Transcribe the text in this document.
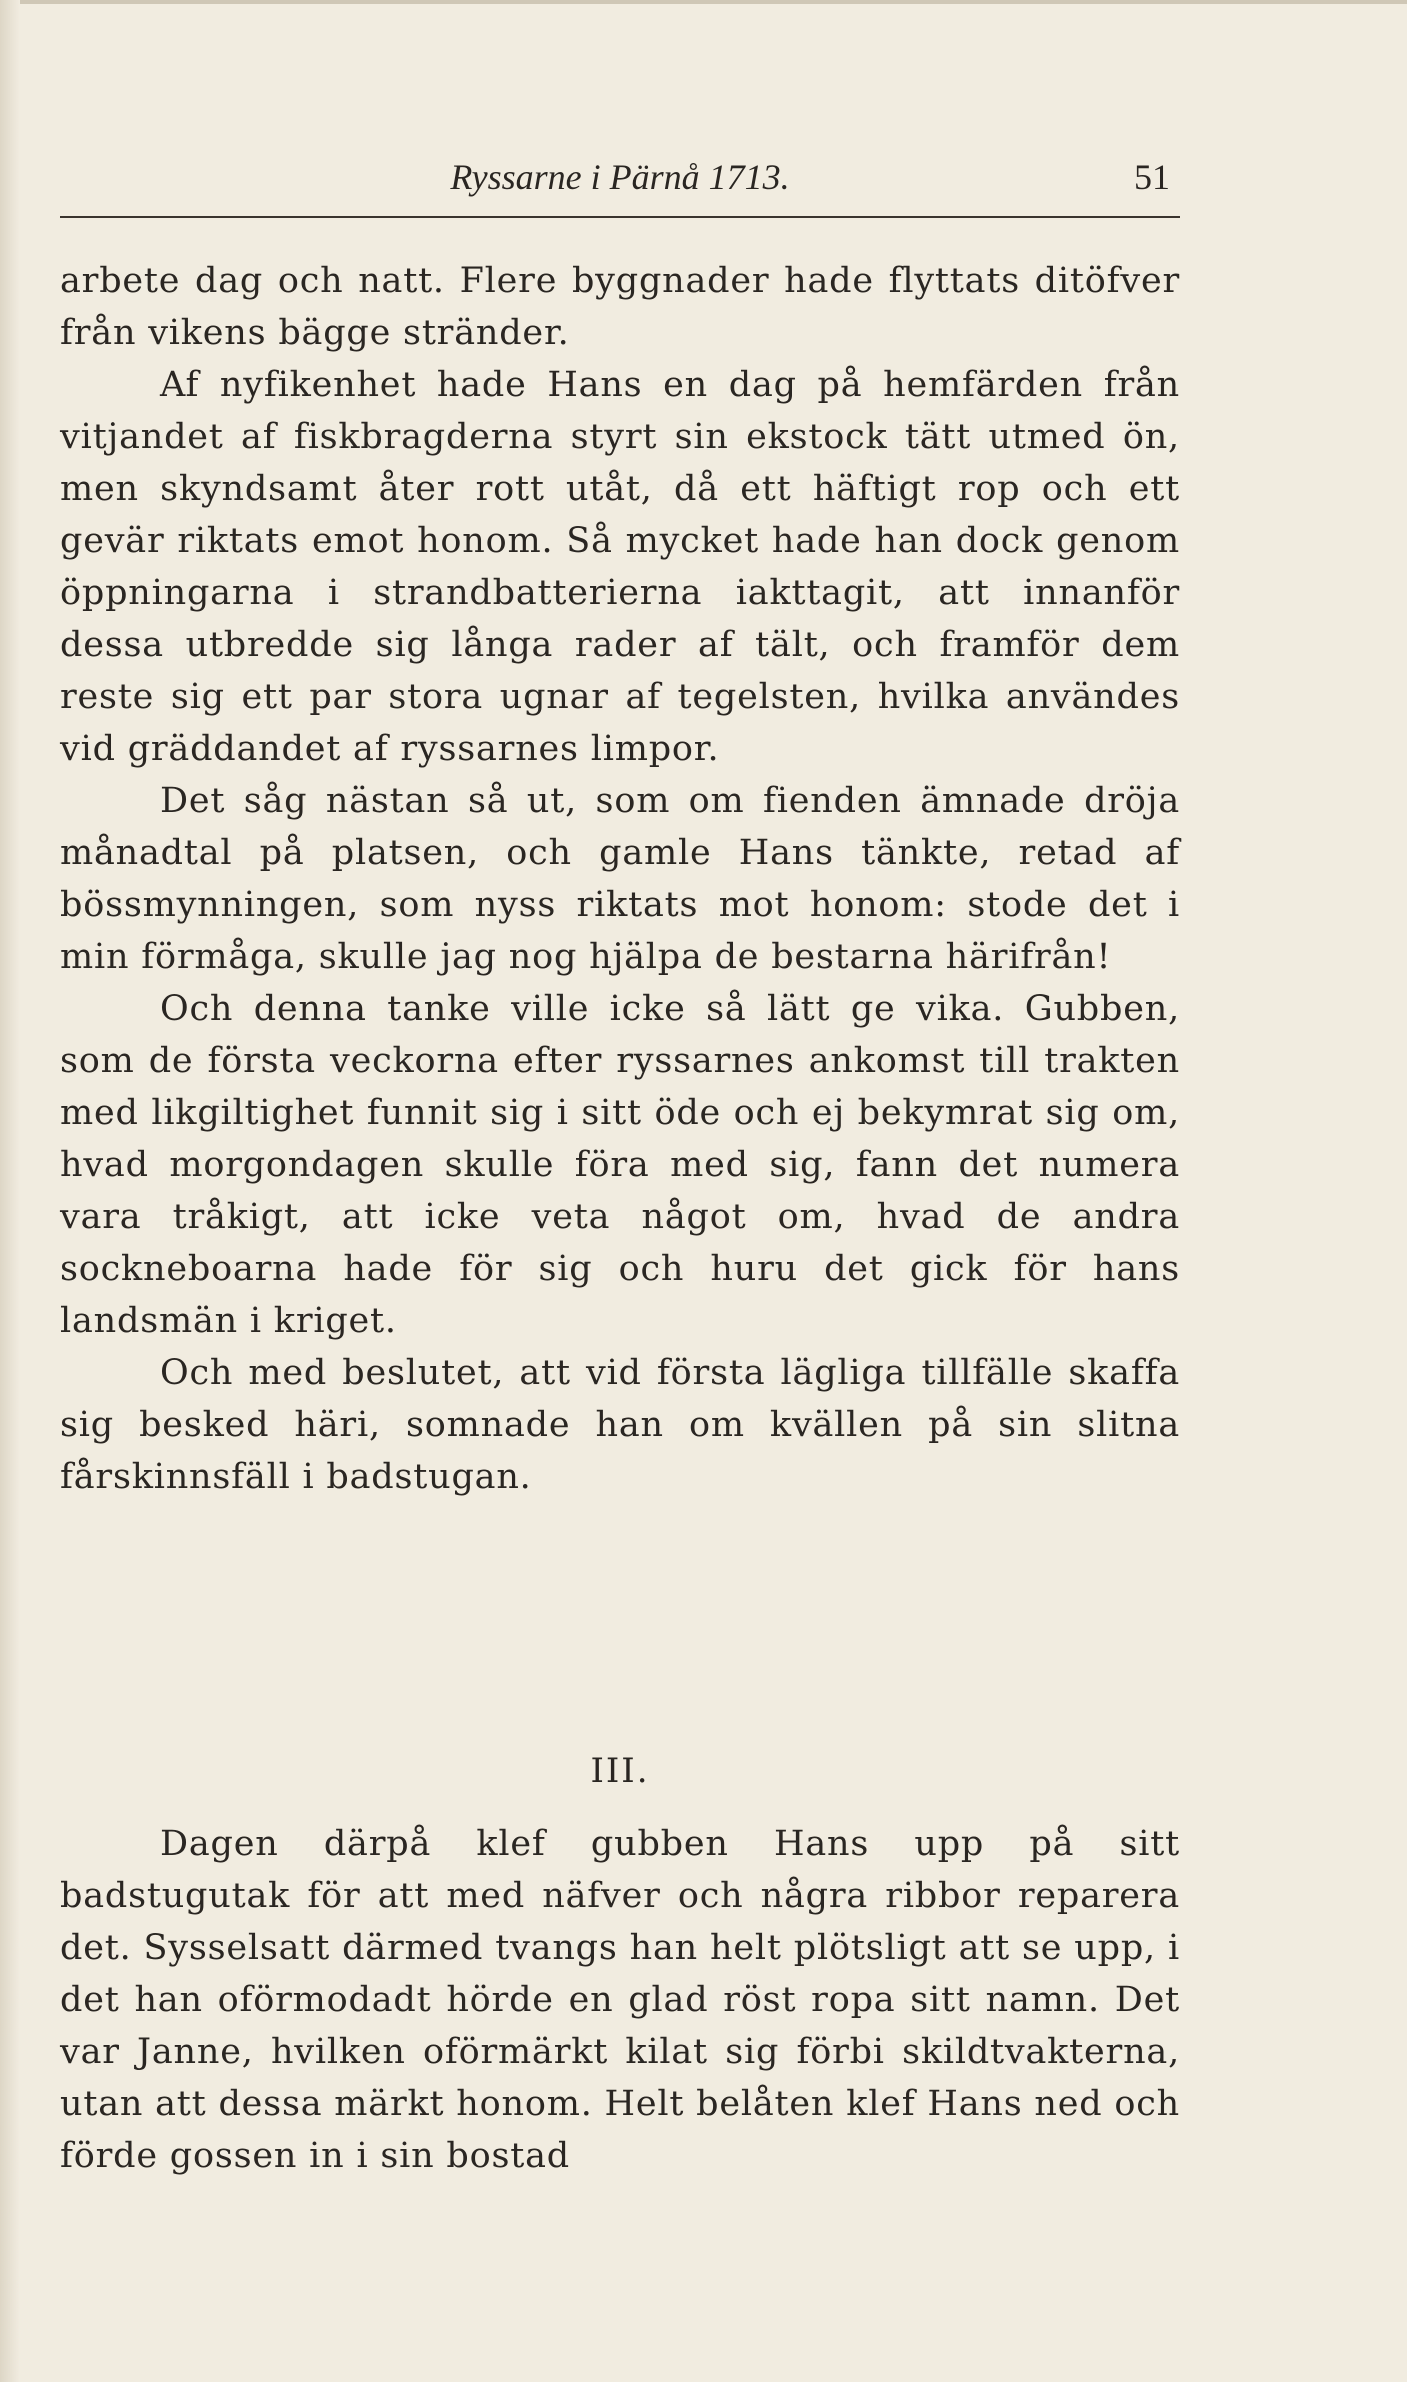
Ryssarne i Pärnå 1713.	51

arbete dag och natt. Flere byggnader hade flyttats ditöfver från vikens bägge stränder.

Af nyfikenhet hade Hans en dag på hemfärden från vitjandet af fiskbragderna styrt sin ekstock tätt utmed ön, men skyndsamt åter rott utåt, då ett häftigt rop och ett gevär riktats emot honom. Så mycket hade han dock genom öppningarna i strandbatterierna iakttagit, att innanför dessa utbredde sig långa rader af tält, och framför dem reste sig ett par stora ugnar af tegelsten, hvilka användes vid gräddandet af ryssarnes limpor.

Det såg nästan så ut, som om fienden ämnade dröja månadtal på platsen, och gamle Hans tänkte, retad af bössmynningen, som nyss riktats mot honom: stode det i min förmåga, skulle jag nog hjälpa de bestarna härifrån!

Och denna tanke ville icke så lätt ge vika. Gubben, som de första veckorna efter ryssarnes ankomst till trakten med likgiltighet funnit sig i sitt öde och ej bekymrat sig om, hvad morgondagen skulle föra med sig, fann det numera vara tråkigt, att icke veta något om, hvad de andra sockneboarna hade för sig och huru det gick för hans landsmän i kriget.

Och med beslutet, att vid första lägliga tillfälle skaffa sig besked häri, somnade han om kvällen på sin slitna fårskinnsfäll i badstugan.

III.

Dagen därpå klef gubben Hans upp på sitt badstugutak för att med näfver och några ribbor reparera det. Sysselsatt därmed tvangs han helt plötsligt att se upp, i det han oförmodadt hörde en glad röst ropa sitt namn. Det var Janne, hvilken oförmärkt kilat sig förbi skildtvakterna, utan att dessa märkt honom. Helt belåten klef Hans ned och förde gossen in i sin bostad
